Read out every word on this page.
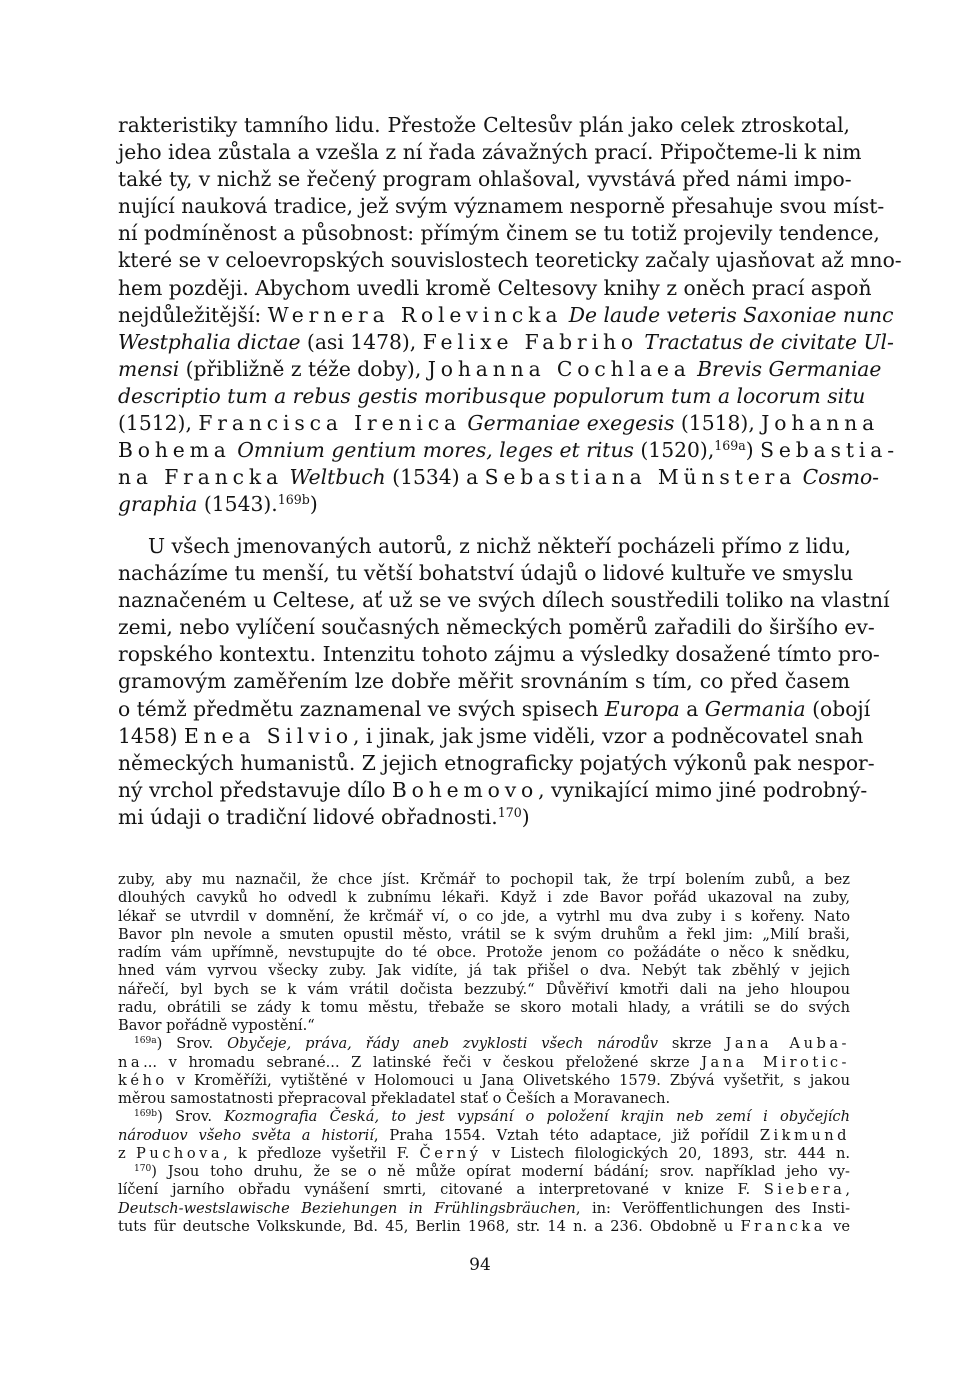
rakteristiky tamního lidu. Přestože Celtesův plán jako celek ztroskotal,
jeho idea zůstala a vzešla z ní řada závažných prací. Připočteme-li k nim
také ty, v nichž se řečený program ohlašoval, vyvstává před námi impo-
nující nauková tradice, jež svým významem nesporně přesahuje svou míst-
ní podmíněnost a působnost: přímým činem se tu totiž projevily tendence,
které se v celoevropských souvislostech teoreticky začaly ujasňovat až mno-
hem později. Abychom uvedli kromě Celtesovy knihy z oněch prací aspoň
nejdůležitější: Wernera Rolevincka De laude veteris Saxoniae nunc
Westphalia dictae (asi 1478), Felixe Fabriho Tractatus de civitate Ul-
mensi (přibližně z téže doby), Johanna Cochlaea Brevis Germaniae
descriptio tum a rebus gestis moribusque populorum tum a locorum situ
(1512), Francisca Irenica Germaniae exegesis (1518), Johanna
Bohema Omnium gentium mores, leges et ritus (1520),$^{169a}$) Sebastia-
na Francka Weltbuch (1534) a Sebastiana Münstera Cosmo-
graphia (1543).$^{169b}$)
U všech jmenovaných autorů, z nichž někteří pocházeli přímo z lidu,
nacházíme tu menší, tu větší bohatství údajů o lidové kultuře ve smyslu
naznačeném u Celtese, ať už se ve svých dílech soustředili toliko na vlastní
zemi, nebo vylíčení současných německých poměrů zařadili do širšího ev-
ropského kontextu. Intenzitu tohoto zájmu a výsledky dosažené tímto pro-
gramovým zaměřením lze dobře měřit srovnáním s tím, co před časem
o témž předmětu zaznamenal ve svých spisech Europa a Germania (obojí
1458) Enea Silvio, i jinak, jak jsme viděli, vzor a podněcovatel snah
německých humanistů. Z jejich etnograficky pojatých výkonů pak nespor-
ný vrchol představuje dílo Bohemovo, vynikající mimo jiné podrobný-
mi údaji o tradiční lidové obřadnosti.$^{170}$)
zuby, aby mu naznačil, že chce jíst. Krčmář to pochopil tak, že trpí bolením zubů, a bez
dlouhých cavyků ho odvedl k zubnímu lékaři. Když i zde Bavor pořád ukazoval na zuby,
lékař se utvrdil v domnění, že krčmář ví, o co jde, a vytrhl mu dva zuby i s kořeny. Nato
Bavor pln nevole a smuten opustil město, vrátil se k svým druhům a řekl jim: „Milí braši,
radím vám upřímně, nevstupujte do té obce. Protože jenom co požádáte o něco k snědku,
hned vám vyrvou všecky zuby. Jak vidíte, já tak přišel o dva. Nebýt tak zběhlý v jejich
nářečí, byl bych se k vám vrátil dočista bezzubý.“ Důvěřiví kmotři dali na jeho hloupou
radu, obrátili se zády k tomu městu, třebaže se skoro motali hlady, a vrátili se do svých
Bavor pořádně vypostění.“
$^{169a}$) Srov. Obyčeje, práva, řády aneb zvyklosti všech národův skrze Jana Auba-
na... v hromadu sebrané... Z latinské řeči v českou přeložené skrze Jana Mirotic-
kého v Kroměříži, vytištěné v Holomouci u Jana Olivetského 1579. Zbývá vyšetřit, s jakou
měrou samostatnosti přepracoval překladatel stať o Češích a Moravanech.
$^{169b}$) Srov. Kozmografia Česká, to jest vypsání o položení krajin neb zemí i obyčejích
národuov všeho světa a historií, Praha 1554. Vztah této adaptace, již pořídil Zikmund
z Puchova, k předloze vyšetřil F. Černý v Listech filologických 20, 1893, str. 444 n.
$^{170}$) Jsou toho druhu, že se o ně může opírat moderní bádání; srov. například jeho vy-
líčení jarního obřadu vynášení smrti, citované a interpretované v knize F. Siebera,
Deutsch-westslawische Beziehungen in Frühlingsbräuchen, in: Veröffentlichungen des Insti-
tuts für deutsche Volkskunde, Bd. 45, Berlin 1968, str. 14 n. a 236. Obdobně u Francka ve
94
